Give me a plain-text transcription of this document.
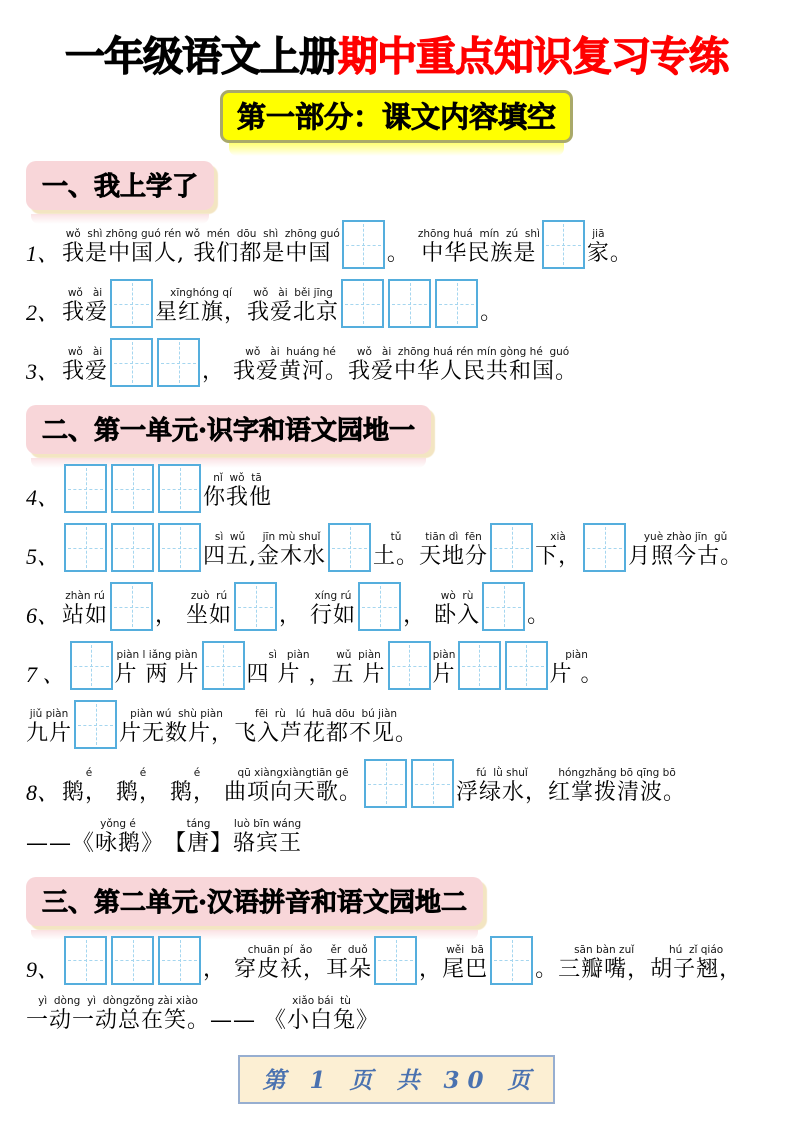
一年级语文上册期中重点知识复习专练
第一部分：课文内容填空
一、我上学了
1、
wǒ  shì zhōng guó rén
我是中国人,
wǒ  mén  dōu  shì  zhōng guó
我们都是中国	。
zhōng huá  mín  zú  shì
中华民族是
jiā
家 。
2、
wǒ   ài
我爱
xīnghóng qí
星红旗，
wǒ   ài  běi jīng
我爱北京	。
3、
wǒ   ài
我爱	，
wǒ   ài  huáng hé
我爱黄河。
wǒ   ài  zhōng huá rén mín gòng hé  guó
我爱中华人民共和国。
二、第一单元·识字和语文园地一
4、
nǐ  wǒ  tā
你我他
5、
sì  wǔ
四五,
jīn mù shuǐ
金木水
tǔ
土。
tiān dì  fēn
天地分
xià
下，
yuè zhào jīn  gǔ
月照今古。
6、
zhàn rú
站如 ，
zuò  rú
坐如 ，
xíng rú
行如 ，
wò  rù
卧入 。
7 、
piàn l iǎng piàn
片 两 片
sì   piàn
四 片 ，
wǔ  piàn
五 片
piàn
片
piàn
片 。
jiǔ piàn
九片
piàn wú  shù piàn
片无数片，
fēi  rù   lú  huā dōu  bú jiàn
飞入芦花都不见。
8、
é
鹅，
é
鹅，
é
鹅，
qū xiàngxiàngtiān gē
曲项向天歌。
fú  lǜ shuǐ
浮绿水，
hóngzhǎng bō qīng bō
红掌拨清波。
——
yǒng é
《咏鹅》
táng
【唐】
luò bīn wáng
骆宾王
三、第二单元·汉语拼音和语文园地二
9、	，
chuān pí  ǎo
穿皮袄，
ěr  duǒ
耳朵 ，
wěi  bā
尾巴 。
sān bàn zuǐ
三瓣嘴，
hú  zǐ qiáo
胡子翘，
yì  dòng  yì  dòngzǒng zài xiào
一动一动总在笑。 ——
xiǎo bái  tù
《小白兔》
第 1 页 共 30 页
